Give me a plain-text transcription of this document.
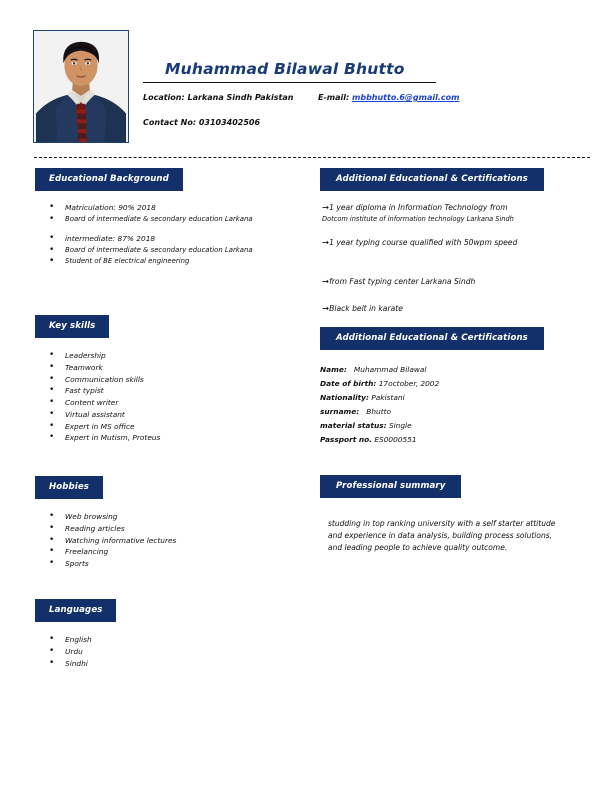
Muhammad Bilawal Bhutto
Location: Larkana Sindh Pakistan	E-mail: mbbhutto.6@gmail.com
Contact No: 03103402506
Educational Background
• Matriculation: 90% 2018
• Board of intermediate & secondary education Larkana
• intermediate: 87% 2018
• Board of intermediate & secondary education Larkana
• Student of BE electrical engineering
Key skills
• Leadership
• Teamwork
• Communication skills
• Fast typist
• Content writer
• Virtual assistant
• Expert in MS office
• Expert in Mutism, Proteus
Hobbies
• Web browsing
• Reading articles
• Watching informative lectures
• Freelancing
• Sports
Languages
• English
• Urdu
• Sindhi
Additional Educational & Certifications
➞1 year diploma in Information Technology from
Dotcom institute of information technology Larkana Sindh
➞1 year typing course qualified with 50wpm speed
➞from Fast typing center Larkana Sindh
➞Black belt in karate
Additional Educational & Certifications
Name: Muhammad Bilawal
Date of birth: 17october, 2002
Nationality: Pakistani
surname: Bhutto
material status: Single
Passport no. ES0000551
Professional summary
studding in top ranking university with a self starter attitude and experience in data analysis, building process solutions, and leading people to achieve quality outcome.
